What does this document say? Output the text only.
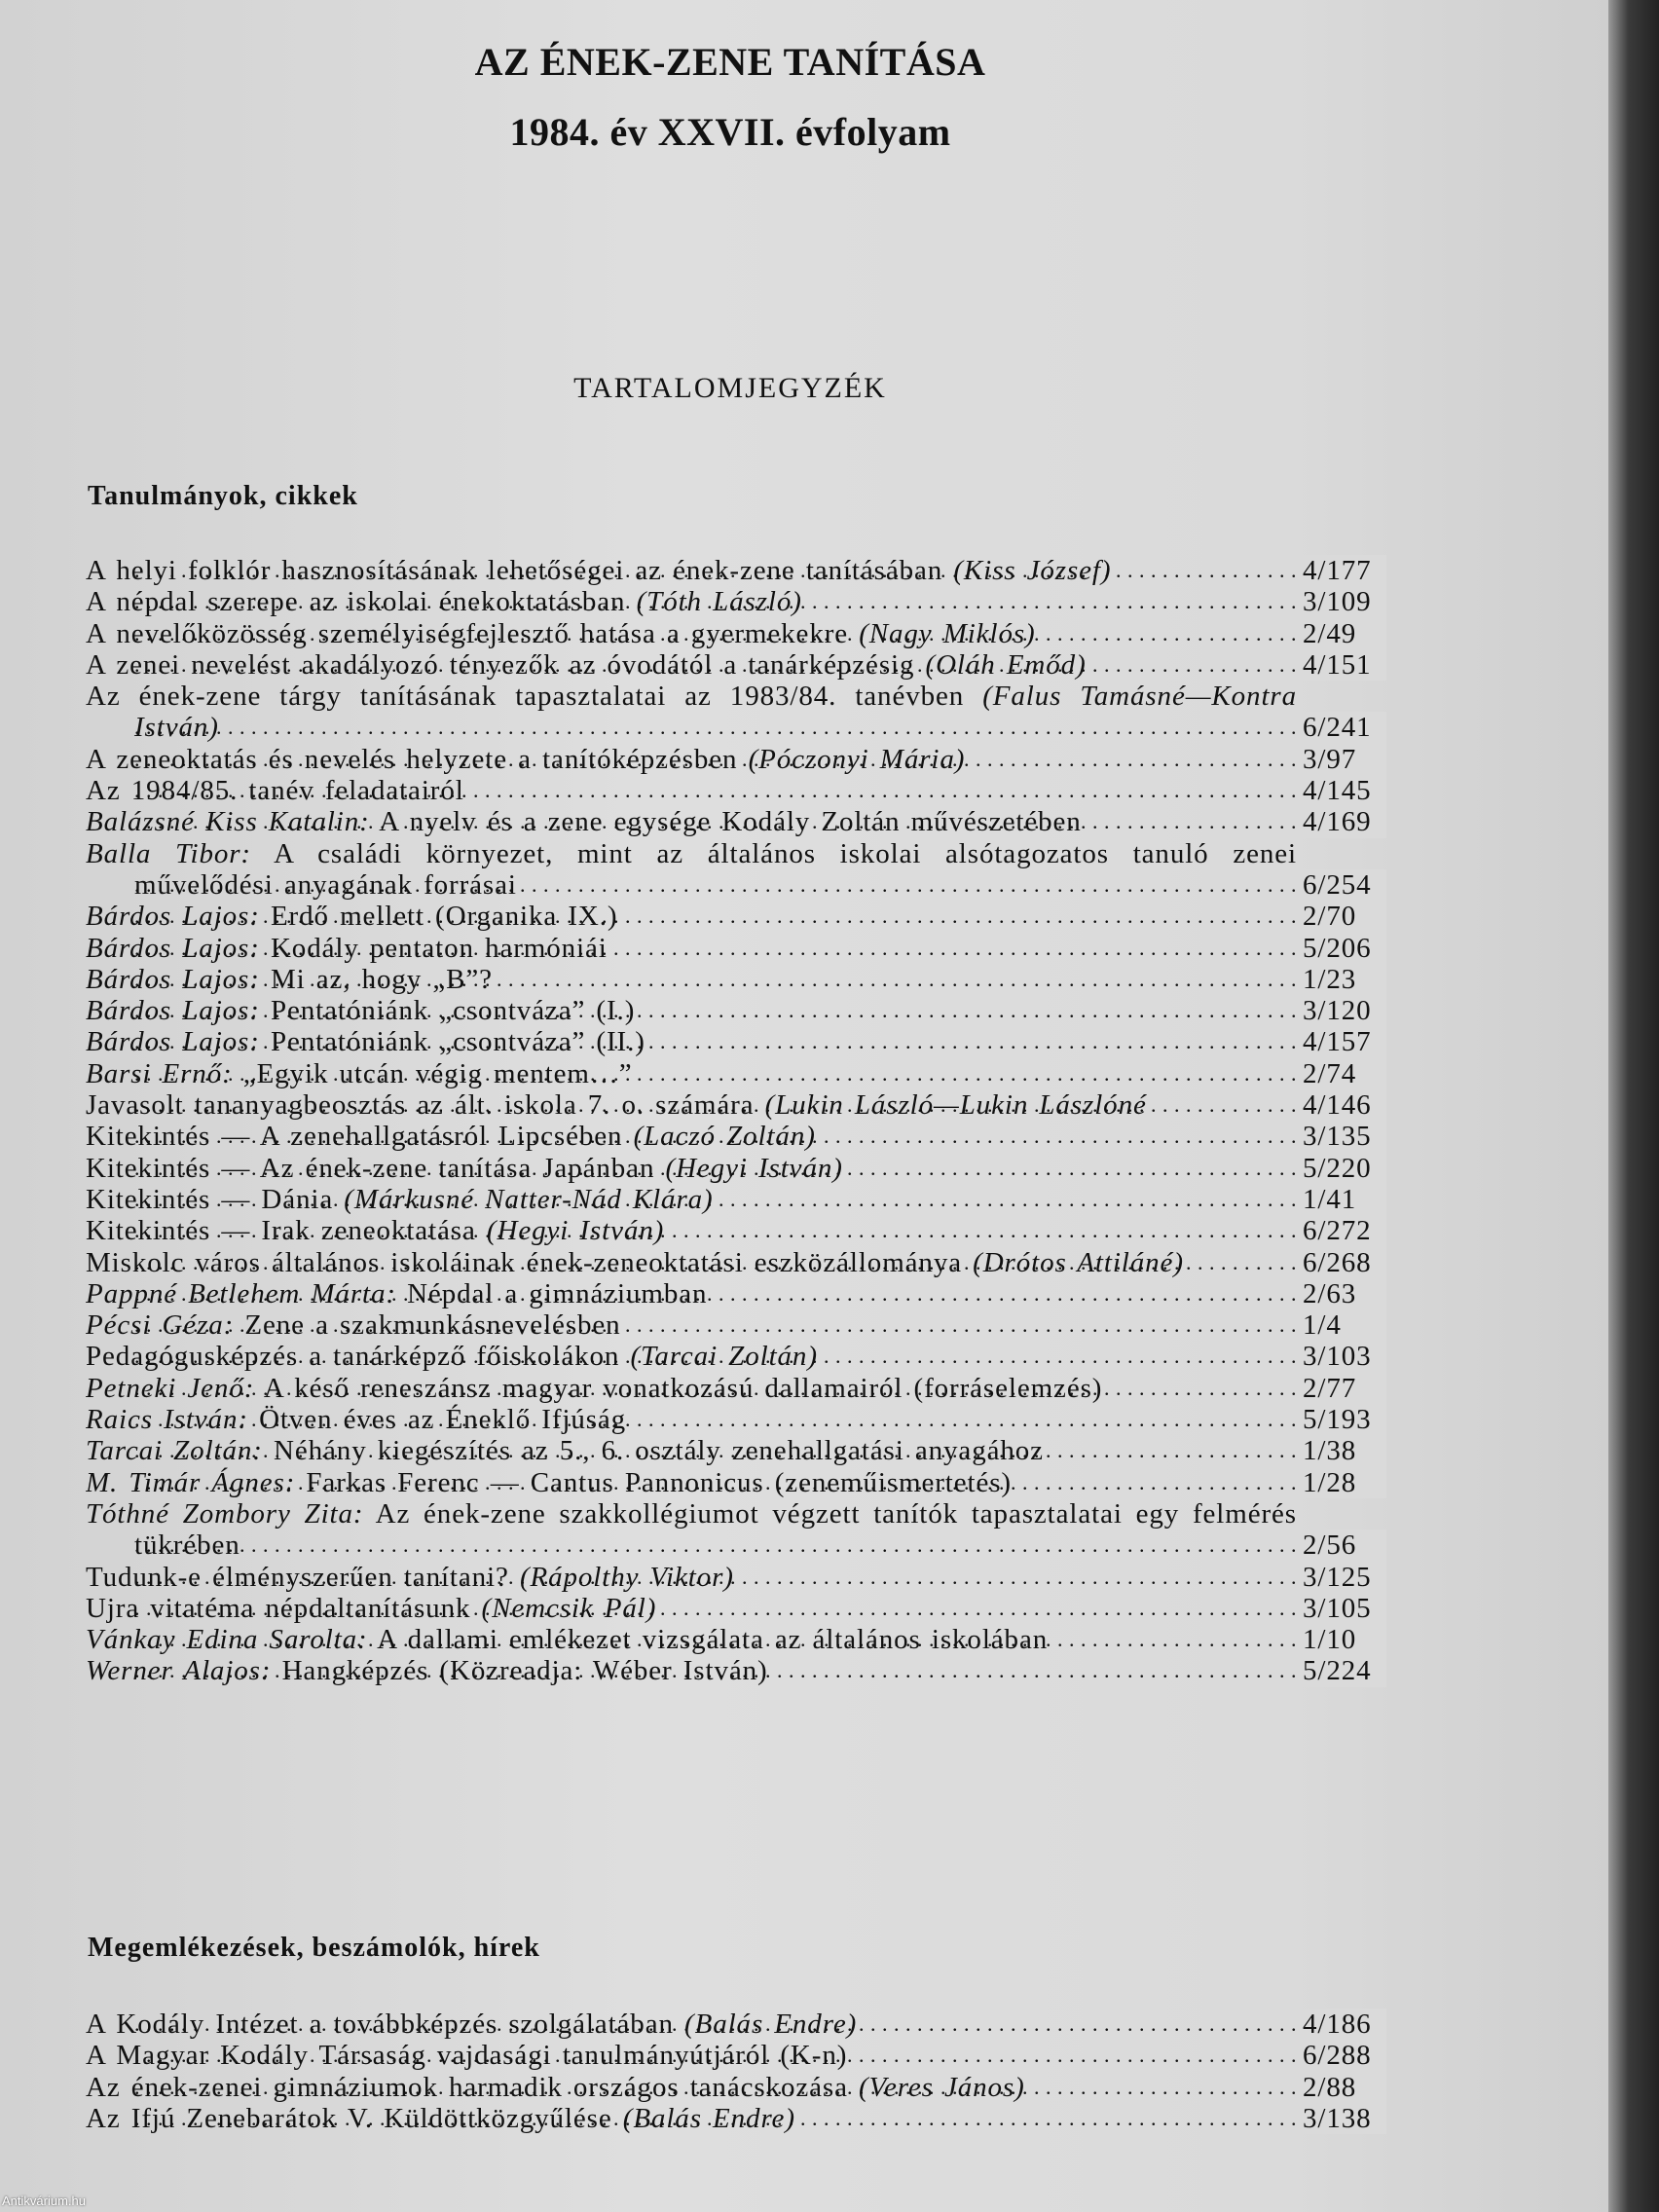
AZ ÉNEK-ZENE TANÍTÁSA
1984. év XXVII. évfolyam
TARTALOMJEGYZÉK
Tanulmányok, cikkek
A helyi folklór hasznosításának lehetőségei az ének-zene tanításában (Kiss József) . . .	4/177
A népdal szerepe az iskolai énekoktatásban (Tóth László) . . .	3/109
A nevelőközösség személyiségfejlesztő hatása a gyermekekre (Nagy Miklós) . . .	2/49
A zenei nevelést akadályozó tényezők az óvodától a tanárképzésig (Oláh Emőd) . . .	4/151
Az ének-zene tárgy tanításának tapasztalatai az 1983/84. tanévben (Falus Tamásné—Kontra István) . . .	6/241
A zeneoktatás és nevelés helyzete a tanítóképzésben (Póczonyi Mária) . . .	3/97
Az 1984/85. tanév feladatairól . . .	4/145
Balázsné Kiss Katalin: A nyelv és a zene egysége Kodály Zoltán művészetében . . .	4/169
Balla Tibor: A családi környezet, mint az általános iskolai alsótagozatos tanuló zenei művelődési anyagának forrásai . . .	6/254
Bárdos Lajos: Erdő mellett (Organika IX.) . . .	2/70
Bárdos Lajos: Kodály pentaton harmóniái . . .	5/206
Bárdos Lajos: Mi az, hogy „B”? . . .	1/23
Bárdos Lajos: Pentatóniánk „csontváza” (I.) . . .	3/120
Bárdos Lajos: Pentatóniánk „csontváza” (II.) . . .	4/157
Barsi Ernő: „Egyik utcán végig mentem…” . . .	2/74
Javasolt tananyagbeosztás az ált. iskola 7. o. számára (Lukin László—Lukin Lászlóné . . .	4/146
Kitekintés — A zenehallgatásról Lipcsében (Laczó Zoltán) . . .	3/135
Kitekintés — Az ének-zene tanítása Japánban (Hegyi István) . . .	5/220
Kitekintés — Dánia (Márkusné Natter-Nád Klára) . . .	1/41
Kitekintés — Irak zeneoktatása (Hegyi István) . . .	6/272
Miskolc város általános iskoláinak ének-zeneoktatási eszközállománya (Drótos Attiláné) . . .	6/268
Pappné Betlehem Márta: Népdal a gimnáziumban . . .	2/63
Pécsi Géza: Zene a szakmunkásnevelésben . . .	1/4
Pedagógusképzés a tanárképző főiskolákon (Tarcai Zoltán) . . .	3/103
Petneki Jenő: A késő reneszánsz magyar vonatkozású dallamairól (forráselemzés) . . .	2/77
Raics István: Ötven éves az Éneklő Ifjúság . . .	5/193
Tarcai Zoltán: Néhány kiegészítés az 5., 6. osztály zenehallgatási anyagához . . .	1/38
M. Timár Ágnes: Farkas Ferenc — Cantus Pannonicus (zeneműismertetés) . . .	1/28
Tóthné Zombory Zita: Az ének-zene szakkollégiumot végzett tanítók tapasztalatai egy felmérés tükrében . . .	2/56
Tudunk-e élményszerűen tanítani? (Rápolthy Viktor) . . .	3/125
Ujra vitatéma népdaltanításunk (Nemcsik Pál) . . .	3/105
Vánkay Edina Sarolta: A dallami emlékezet vizsgálata az általános iskolában . . .	1/10
Werner Alajos: Hangképzés (Közreadja: Wéber István) . . .	5/224
Megemlékezések, beszámolók, hírek
A Kodály Intézet a továbbképzés szolgálatában (Balás Endre) . . .	4/186
A Magyar Kodály Társaság vajdasági tanulmányútjáról (K-n) . . .	6/288
Az ének-zenei gimnáziumok harmadik országos tanácskozása (Veres János) . . .	2/88
Az Ifjú Zenebarátok V. Küldöttközgyűlése (Balás Endre) . . .	3/138
Antikvárium.hu
